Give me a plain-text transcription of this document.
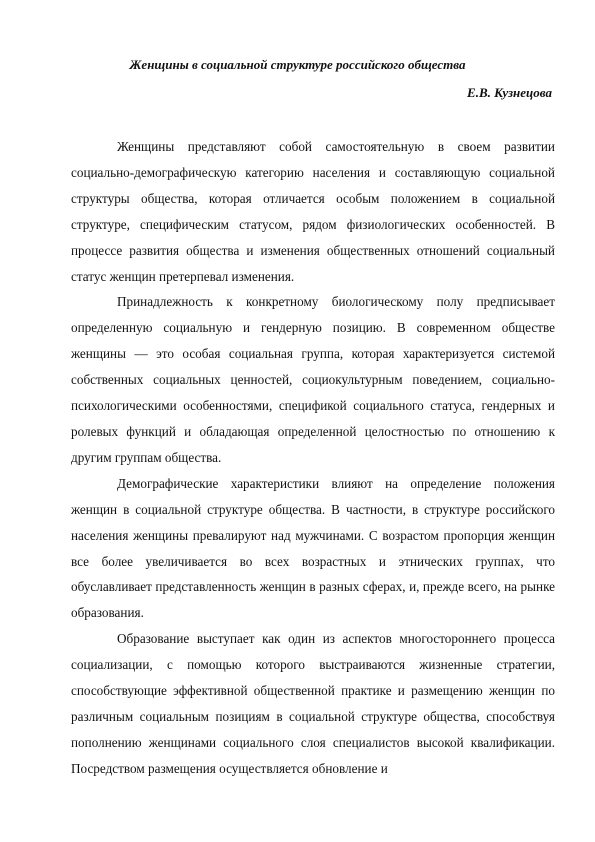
Женщины в социальной структуре российского общества

Е.В. Кузнецова

Женщины представляют собой самостоятельную в своем развитии социально-демографическую категорию населения и составляющую социальной структуры общества, которая отличается особым положением в социальной структуре, специфическим статусом, рядом физиологических особенностей. В процессе развития общества и изменения общественных отношений социальный статус женщин претерпевал изменения.

Принадлежность к конкретному биологическому полу предписывает определенную социальную и гендерную позицию. В современном обществе женщины — это особая социальная группа, которая характеризуется системой собственных социальных ценностей, социокультурным поведением, социально-психологическими особенностями, спецификой социального статуса, гендерных и ролевых функций и обладающая определенной целостностью по отношению к другим группам общества.

Демографические характеристики влияют на определение положения женщин в социальной структуре общества. В частности, в структуре российского населения женщины превалируют над мужчинами. С возрастом пропорция женщин все более увеличивается во всех возрастных и этнических группах, что обуславливает представленность женщин в разных сферах, и, прежде всего, на рынке образования.

Образование выступает как один из аспектов многостороннего процесса социализации, с помощью которого выстраиваются жизненные стратегии, способствующие эффективной общественной практике и размещению женщин по различным социальным позициям в социальной структуре общества, способствуя пополнению женщинами социального слоя специалистов высокой квалификации. Посредством размещения осуществляется обновление и
